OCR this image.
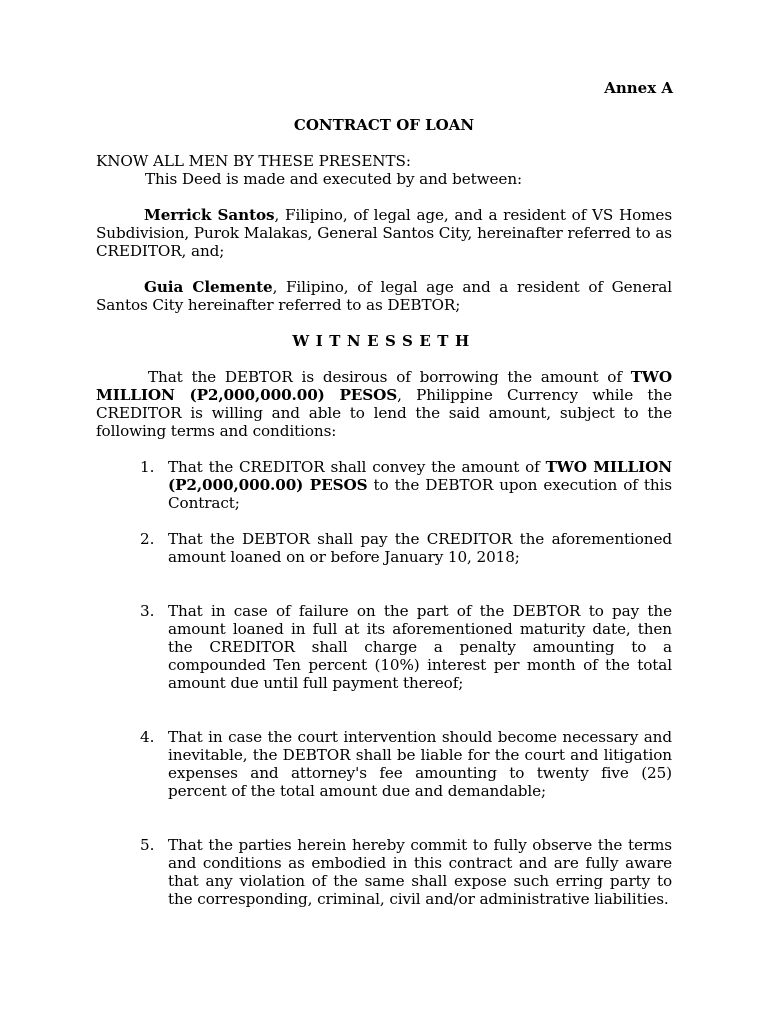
Annex A
CONTRACT OF LOAN
KNOW ALL MEN BY THESE PRESENTS:
This Deed is made and executed by and between:
Merrick Santos, Filipino, of legal age, and a resident of VS Homes Subdivision, Purok Malakas, General Santos City, hereinafter referred to as CREDITOR, and;
Guia Clemente, Filipino, of legal age and a resident of General Santos City hereinafter referred to as DEBTOR;
WITNESSETH
That the DEBTOR is desirous of borrowing the amount of TWO MILLION (P2,000,000.00) PESOS, Philippine Currency while the CREDITOR is willing and able to lend the said amount, subject to the following terms and conditions:
1. That the CREDITOR shall convey the amount of TWO MILLION (P2,000,000.00) PESOS to the DEBTOR upon execution of this Contract;
2. That the DEBTOR shall pay the CREDITOR the aforementioned amount loaned on or before January 10, 2018;
3. That in case of failure on the part of the DEBTOR to pay the amount loaned in full at its aforementioned maturity date, then the CREDITOR shall charge a penalty amounting to a compounded Ten percent (10%) interest per month of the total amount due until full payment thereof;
4. That in case the court intervention should become necessary and inevitable, the DEBTOR shall be liable for the court and litigation expenses and attorney's fee amounting to twenty five (25) percent of the total amount due and demandable;
5. That the parties herein hereby commit to fully observe the terms and conditions as embodied in this contract and are fully aware that any violation of the same shall expose such erring party to the corresponding, criminal, civil and/or administrative liabilities.
